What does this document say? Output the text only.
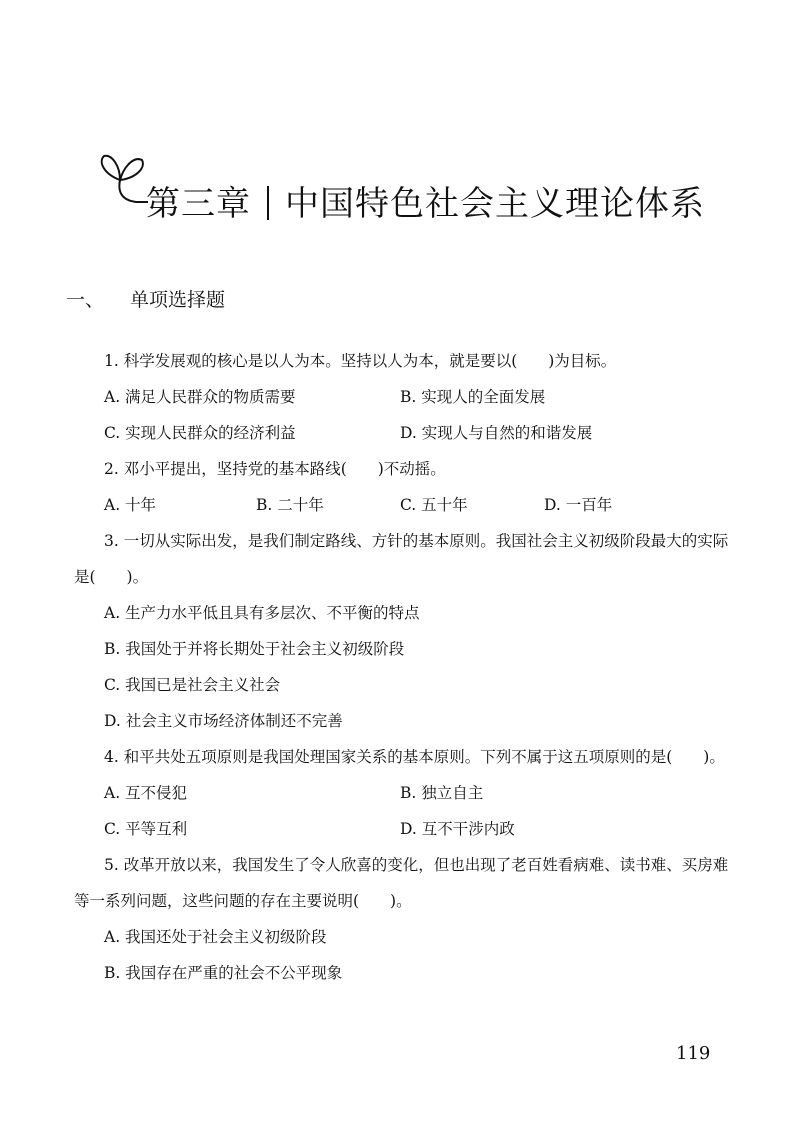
第三章 中国特色社会主义理论体系
一、 单项选择题
1. 科学发展观的核心是以人为本。坚持以人为本，就是要以(　　)为目标。
A. 满足人民群众的物质需要	B. 实现人的全面发展
C. 实现人民群众的经济利益	D. 实现人与自然的和谐发展
2. 邓小平提出，坚持党的基本路线(　　)不动摇。
A. 十年	B. 二十年	C. 五十年	D. 一百年
3. 一切从实际出发，是我们制定路线、方针的基本原则。我国社会主义初级阶段最大的实际是(　　)。
A. 生产力水平低且具有多层次、不平衡的特点
B. 我国处于并将长期处于社会主义初级阶段
C. 我国已是社会主义社会
D. 社会主义市场经济体制还不完善
4. 和平共处五项原则是我国处理国家关系的基本原则。下列不属于这五项原则的是(　　)。
A. 互不侵犯	B. 独立自主
C. 平等互利	D. 互不干涉内政
5. 改革开放以来，我国发生了令人欣喜的变化，但也出现了老百姓看病难、读书难、买房难等一系列问题，这些问题的存在主要说明(　　)。
A. 我国还处于社会主义初级阶段
B. 我国存在严重的社会不公平现象
119
